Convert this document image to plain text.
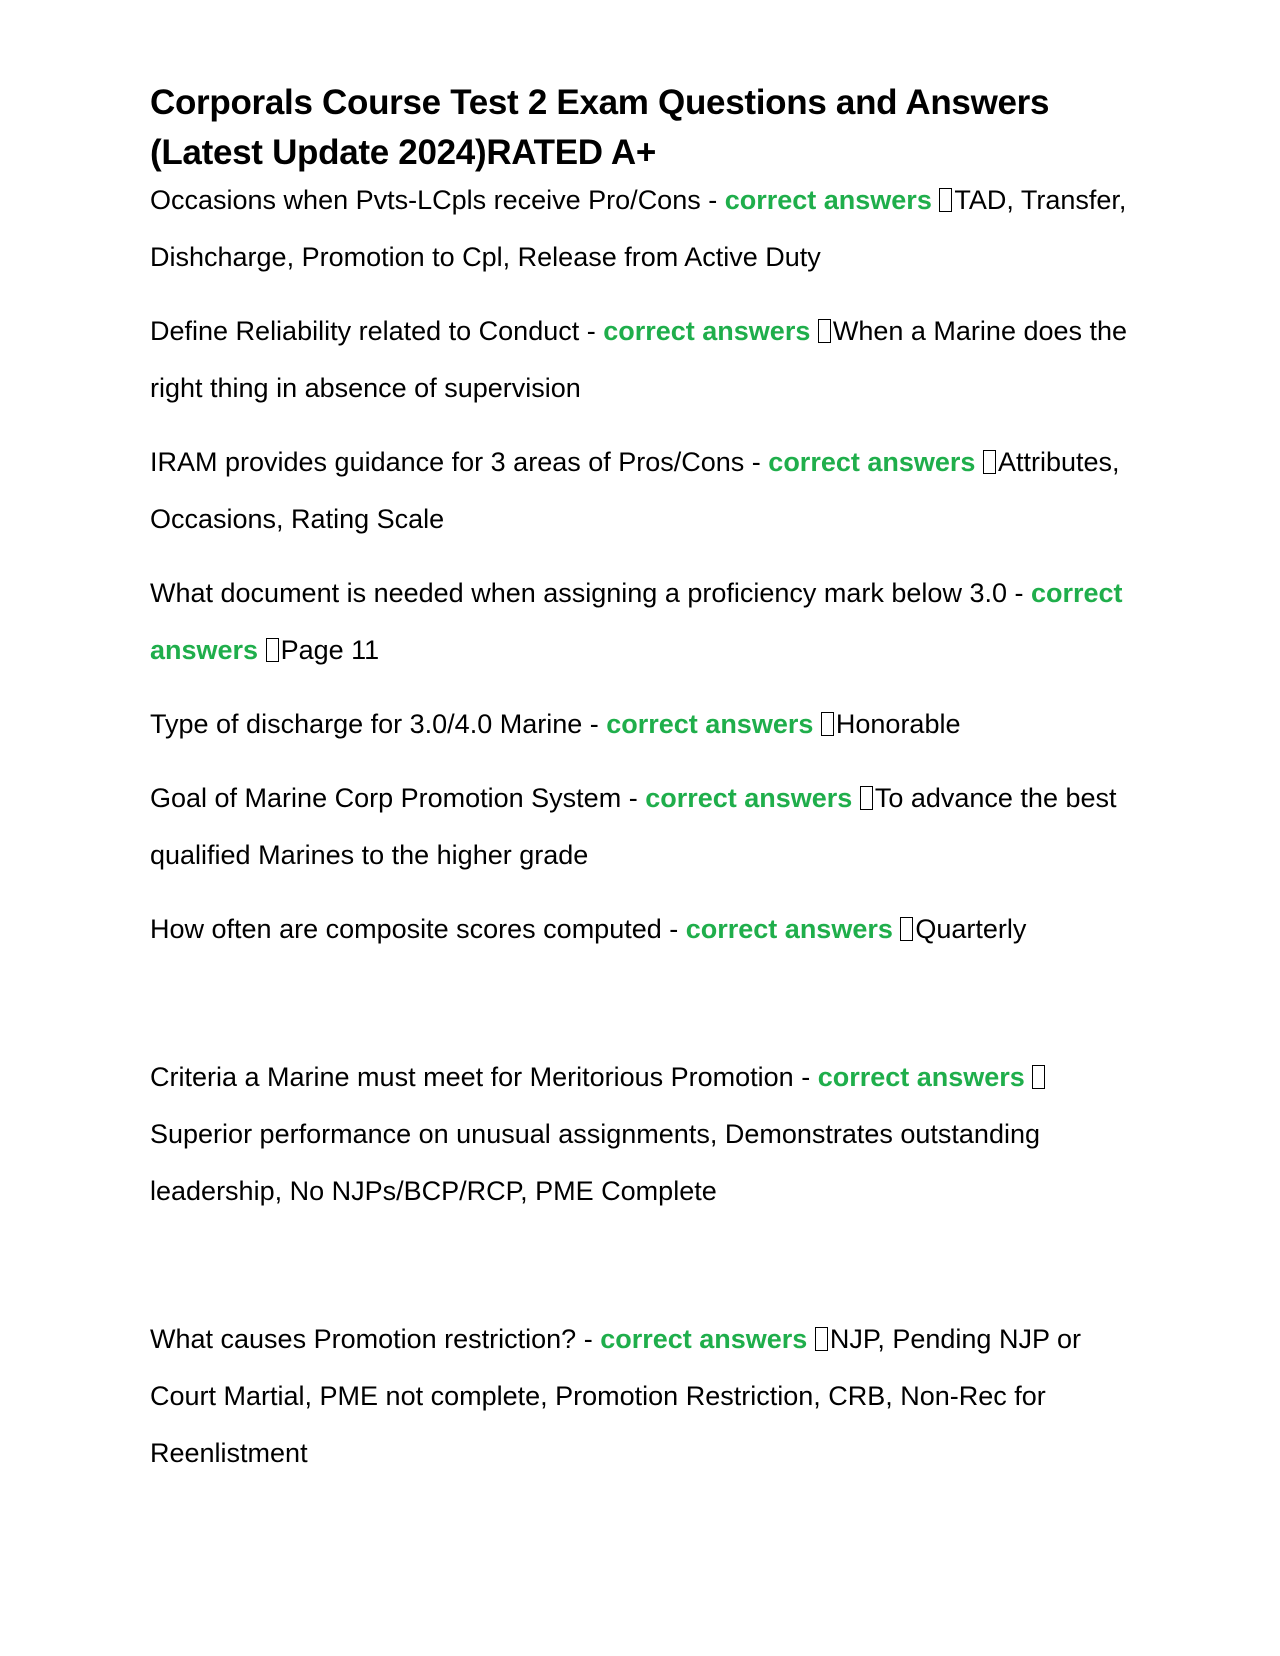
Corporals Course Test 2 Exam Questions and Answers (Latest Update 2024)RATED A+

Occasions when Pvts-LCpls receive Pro/Cons - correct answers TAD, Transfer, Dishcharge, Promotion to Cpl, Release from Active Duty

Define Reliability related to Conduct - correct answers When a Marine does the right thing in absence of supervision

IRAM provides guidance for 3 areas of Pros/Cons - correct answers Attributes, Occasions, Rating Scale

What document is needed when assigning a proficiency mark below 3.0 - correct answers Page 11

Type of discharge for 3.0/4.0 Marine - correct answers Honorable

Goal of Marine Corp Promotion System - correct answers To advance the best qualified Marines to the higher grade

How often are composite scores computed - correct answers Quarterly

Criteria a Marine must meet for Meritorious Promotion - correct answers Superior performance on unusual assignments, Demonstrates outstanding leadership, No NJPs/BCP/RCP, PME Complete

What causes Promotion restriction? - correct answers NJP, Pending NJP or Court Martial, PME not complete, Promotion Restriction, CRB, Non-Rec for Reenlistment
